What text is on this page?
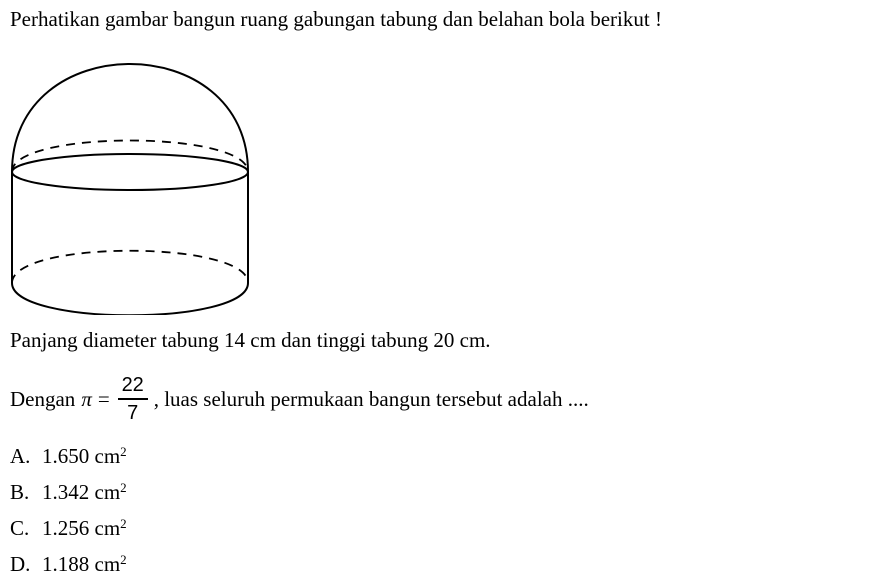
Perhatikan gambar bangun ruang gabungan tabung dan belahan bola berikut !
Panjang diameter tabung 14 cm dan tinggi tabung 20 cm.
Dengan $\pi = \frac{22}{7}$ , luas seluruh permukaan bangun tersebut adalah ....
A. 1.650 $cm^2$
B. 1.342 $cm^2$
C. 1.256 $cm^2$
D. 1.188 $cm^2$
